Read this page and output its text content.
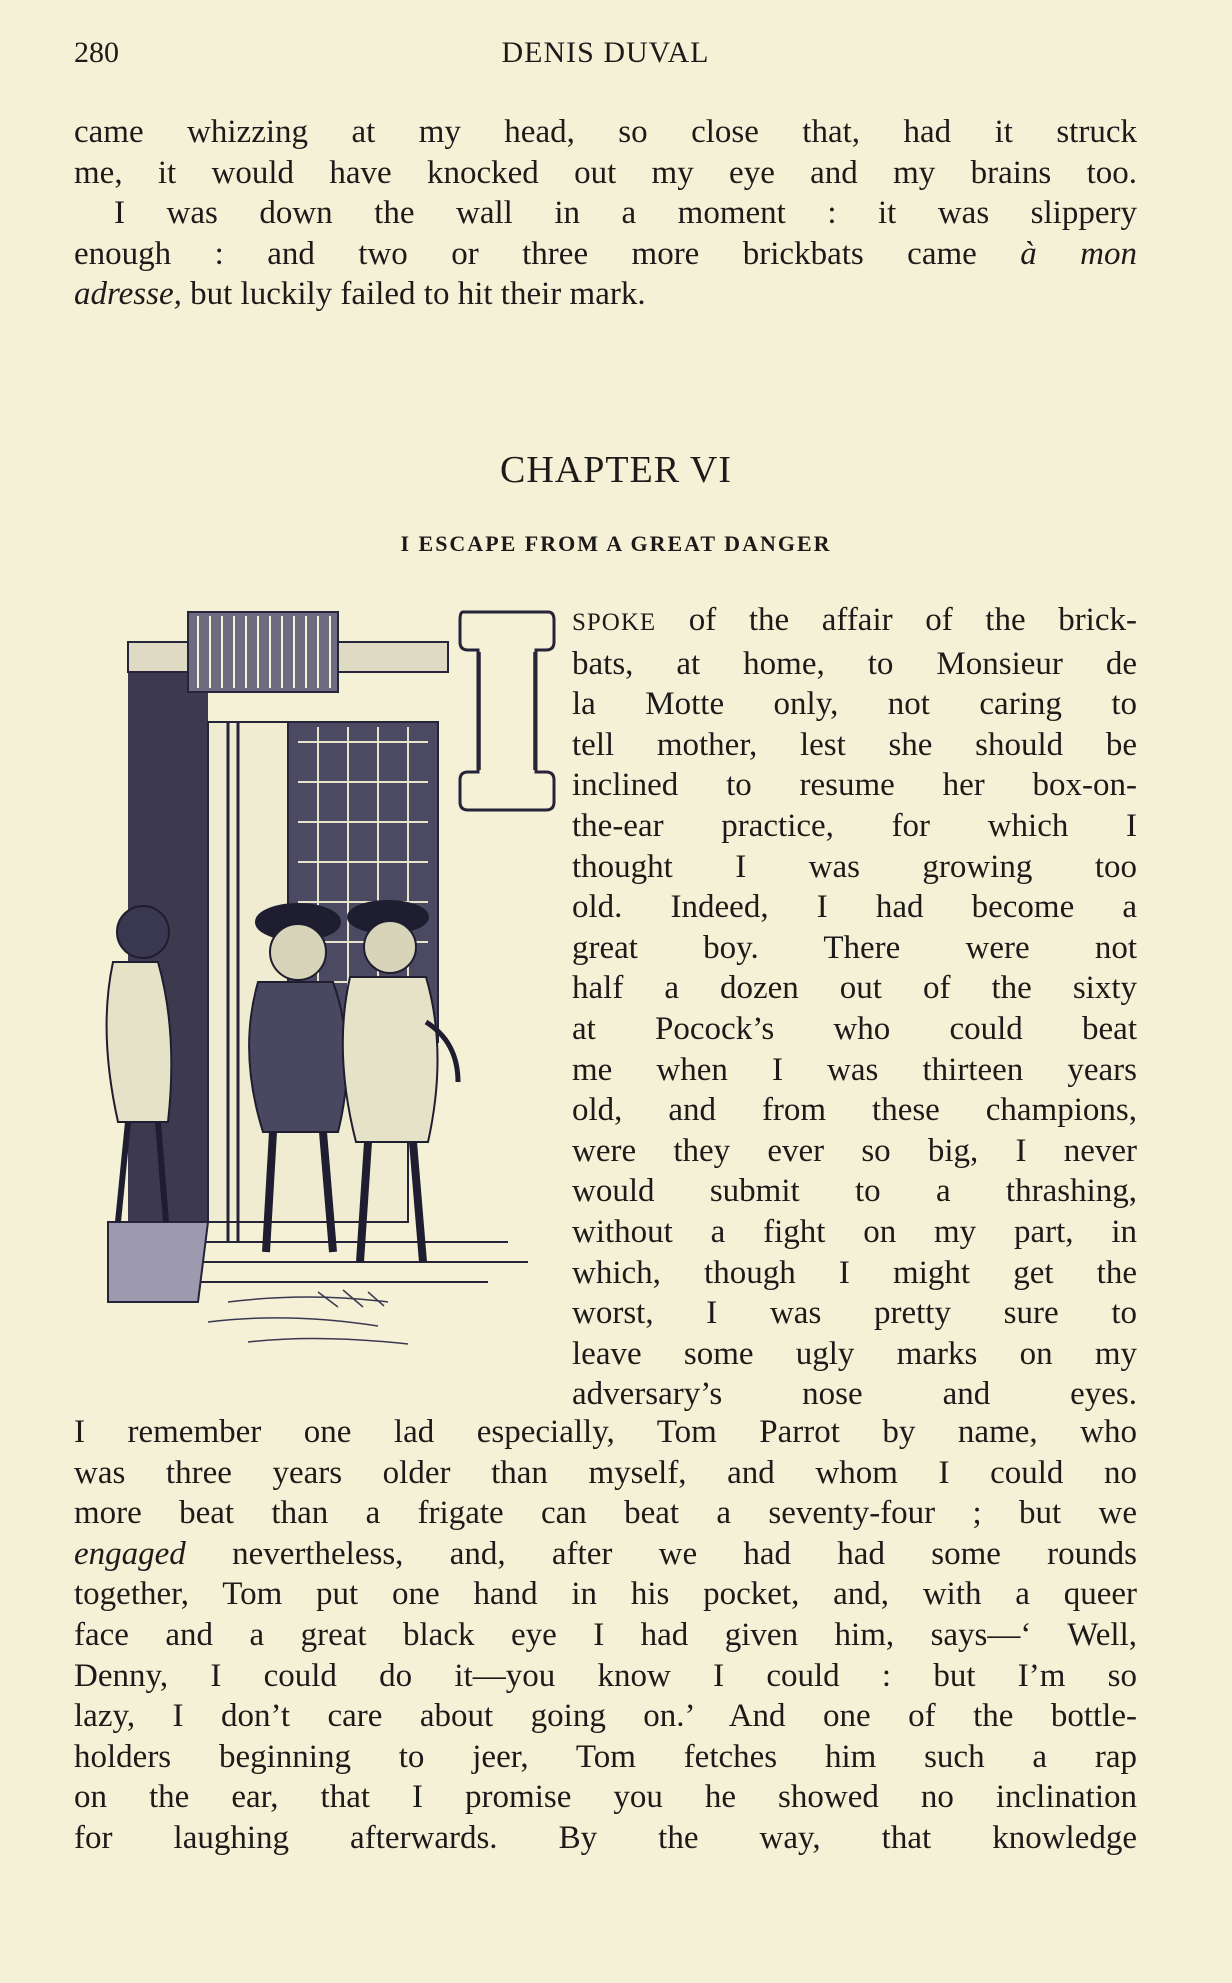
280	DENIS DUVAL

came whizzing at my head, so close that, had it struck

me, it would have knocked out my eye and my brains too.

I was down the wall in a moment : it was slippery

enough : and two or three more brickbats came à mon

adresse, but luckily failed to hit their mark.

CHAPTER VI
I ESCAPE FROM A GREAT DANGER

SPOKE of the affair of the brick-

bats, at home, to Monsieur de

la Motte only, not caring to

tell mother, lest she should be

inclined to resume her box-on-

the-ear practice, for which I

thought I was growing too

old. Indeed, I had become a

great boy. There were not

half a dozen out of the sixty

at Pocock’s who could beat

me when I was thirteen years

old, and from these champions,

were they ever so big, I never

would submit to a thrashing,

without a fight on my part, in

which, though I might get the

worst, I was pretty sure to

leave some ugly marks on my

adversary’s nose and eyes.

I remember one lad especially, Tom Parrot by name, who

was three years older than myself, and whom I could no

more beat than a frigate can beat a seventy-four ; but we

engaged nevertheless, and, after we had had some rounds

together, Tom put one hand in his pocket, and, with a queer

face and a great black eye I had given him, says—‘ Well,

Denny, I could do it—you know I could : but I’m so

lazy, I don’t care about going on.’ And one of the bottle-

holders beginning to jeer, Tom fetches him such a rap

on the ear, that I promise you he showed no inclination

for laughing afterwards. By the way, that knowledge
